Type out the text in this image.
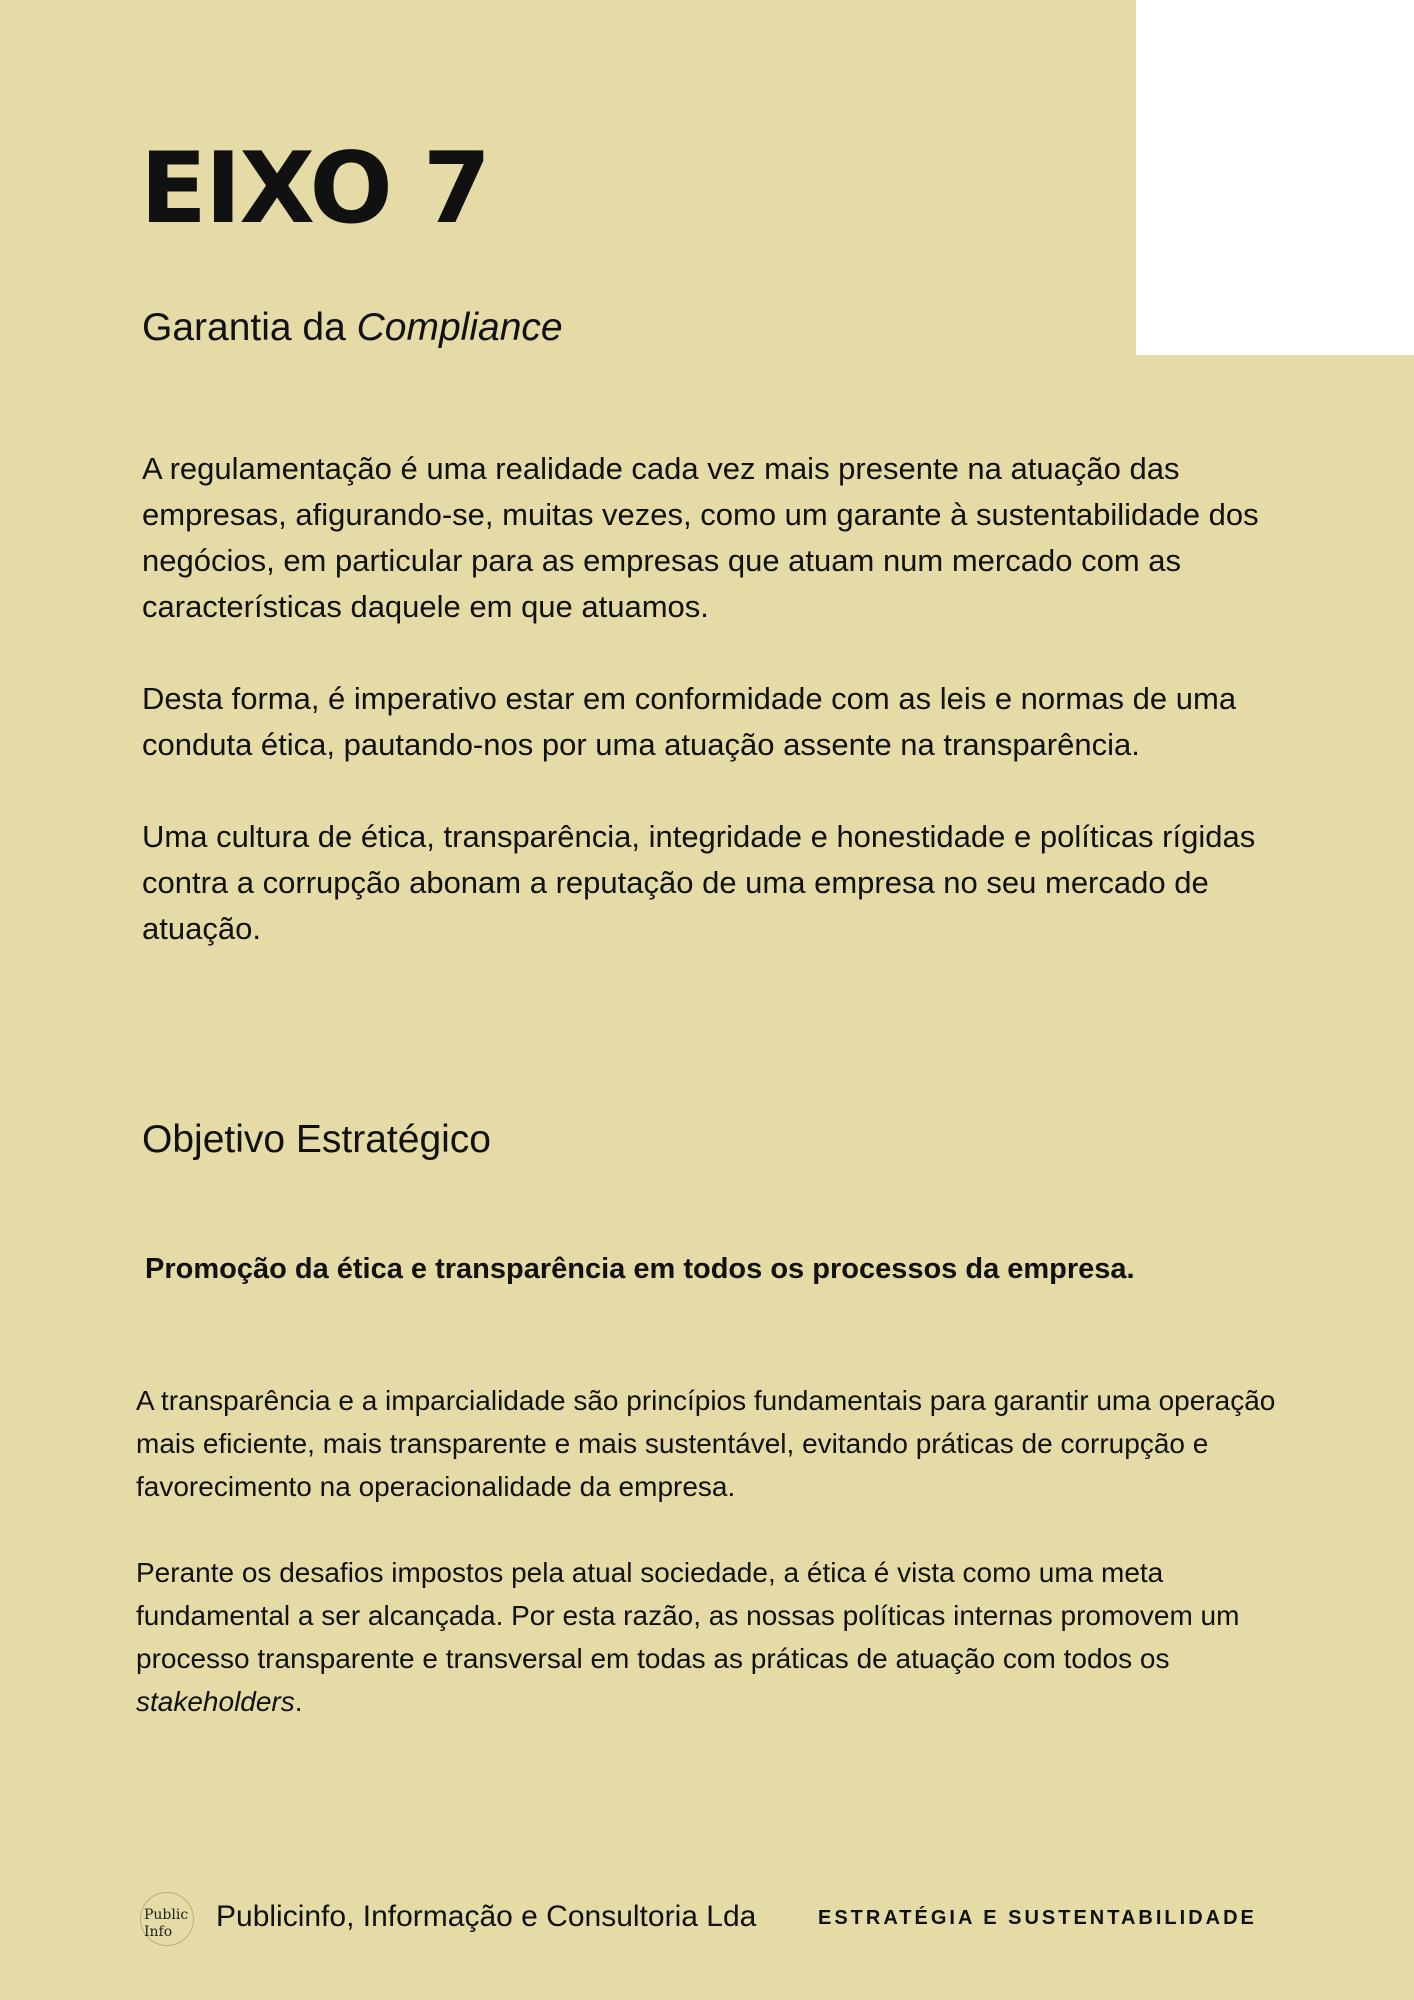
EIXO 7
Garantia da Compliance

A regulamentação é uma realidade cada vez mais presente na atuação das empresas, afigurando-se, muitas vezes, como um garante à sustentabilidade dos negócios, em particular para as empresas que atuam num mercado com as características daquele em que atuamos.

Desta forma, é imperativo estar em conformidade com as leis e normas de uma conduta ética, pautando-nos por uma atuação assente na transparência.

Uma cultura de ética, transparência, integridade e honestidade e políticas rígidas contra a corrupção abonam a reputação de uma empresa no seu mercado de atuação.

Objetivo Estratégico

Promoção da ética e transparência em todos os processos da empresa.

A transparência e a imparcialidade são princípios fundamentais para garantir uma operação mais eficiente, mais transparente e mais sustentável, evitando práticas de corrupção e favorecimento na operacionalidade da empresa.

Perante os desafios impostos pela atual sociedade, a ética é vista como uma meta fundamental a ser alcançada. Por esta razão, as nossas políticas internas promovem um processo transparente e transversal em todas as práticas de atuação com todos os stakeholders.

Public
Info	Publicinfo, Informação e Consultoria Lda	ESTRATÉGIA E SUSTENTABILIDADE
